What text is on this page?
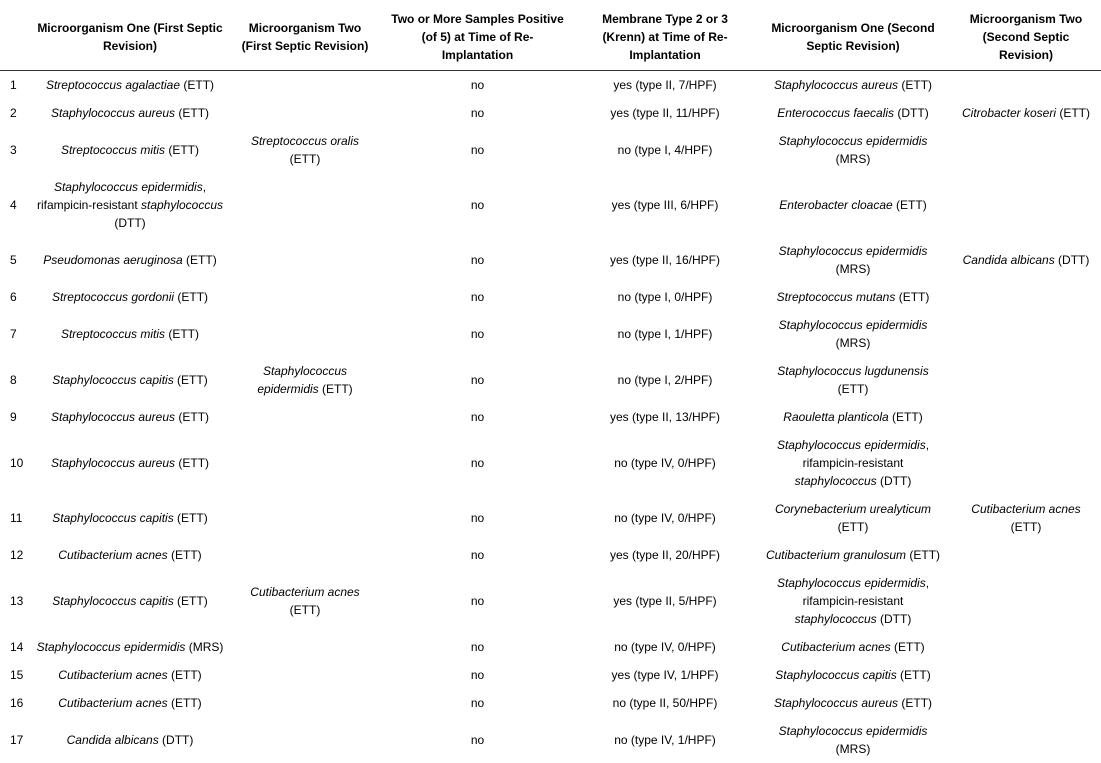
	Microorganism One (First Septic Revision)	Microorganism Two (First Septic Revision)	Two or More Samples Positive (of 5) at Time of Re-Implantation	Membrane Type 2 or 3 (Krenn) at Time of Re-Implantation	Microorganism One (Second Septic Revision)	Microorganism Two (Second Septic Revision)
1	Streptococcus agalactiae (ETT)		no	yes (type II, 7/HPF)	Staphylococcus aureus (ETT)	
2	Staphylococcus aureus (ETT)		no	yes (type II, 11/HPF)	Enterococcus faecalis (DTT)	Citrobacter koseri (ETT)
3	Streptococcus mitis (ETT)	Streptococcus oralis (ETT)	no	no (type I, 4/HPF)	Staphylococcus epidermidis (MRS)	
4	Staphylococcus epidermidis, rifampicin-resistant staphylococcus (DTT)		no	yes (type III, 6/HPF)	Enterobacter cloacae (ETT)	
5	Pseudomonas aeruginosa (ETT)		no	yes (type II, 16/HPF)	Staphylococcus epidermidis (MRS)	Candida albicans (DTT)
6	Streptococcus gordonii (ETT)		no	no (type I, 0/HPF)	Streptococcus mutans (ETT)	
7	Streptococcus mitis (ETT)		no	no (type I, 1/HPF)	Staphylococcus epidermidis (MRS)	
8	Staphylococcus capitis (ETT)	Staphylococcus epidermidis (ETT)	no	no (type I, 2/HPF)	Staphylococcus lugdunensis (ETT)	
9	Staphylococcus aureus (ETT)		no	yes (type II, 13/HPF)	Raouletta planticola (ETT)	
10	Staphylococcus aureus (ETT)		no	no (type IV, 0/HPF)	Staphylococcus epidermidis, rifampicin-resistant staphylococcus (DTT)	
11	Staphylococcus capitis (ETT)		no	no (type IV, 0/HPF)	Corynebacterium urealyticum (ETT)	Cutibacterium acnes (ETT)
12	Cutibacterium acnes (ETT)		no	yes (type II, 20/HPF)	Cutibacterium granulosum (ETT)	
13	Staphylococcus capitis (ETT)	Cutibacterium acnes (ETT)	no	yes (type II, 5/HPF)	Staphylococcus epidermidis, rifampicin-resistant staphylococcus (DTT)	
14	Staphylococcus epidermidis (MRS)		no	no (type IV, 0/HPF)	Cutibacterium acnes (ETT)	
15	Cutibacterium acnes (ETT)		no	yes (type IV, 1/HPF)	Staphylococcus capitis (ETT)	
16	Cutibacterium acnes (ETT)		no	no (type II, 50/HPF)	Staphylococcus aureus (ETT)	
17	Candida albicans (DTT)		no	no (type IV, 1/HPF)	Staphylococcus epidermidis (MRS)	
